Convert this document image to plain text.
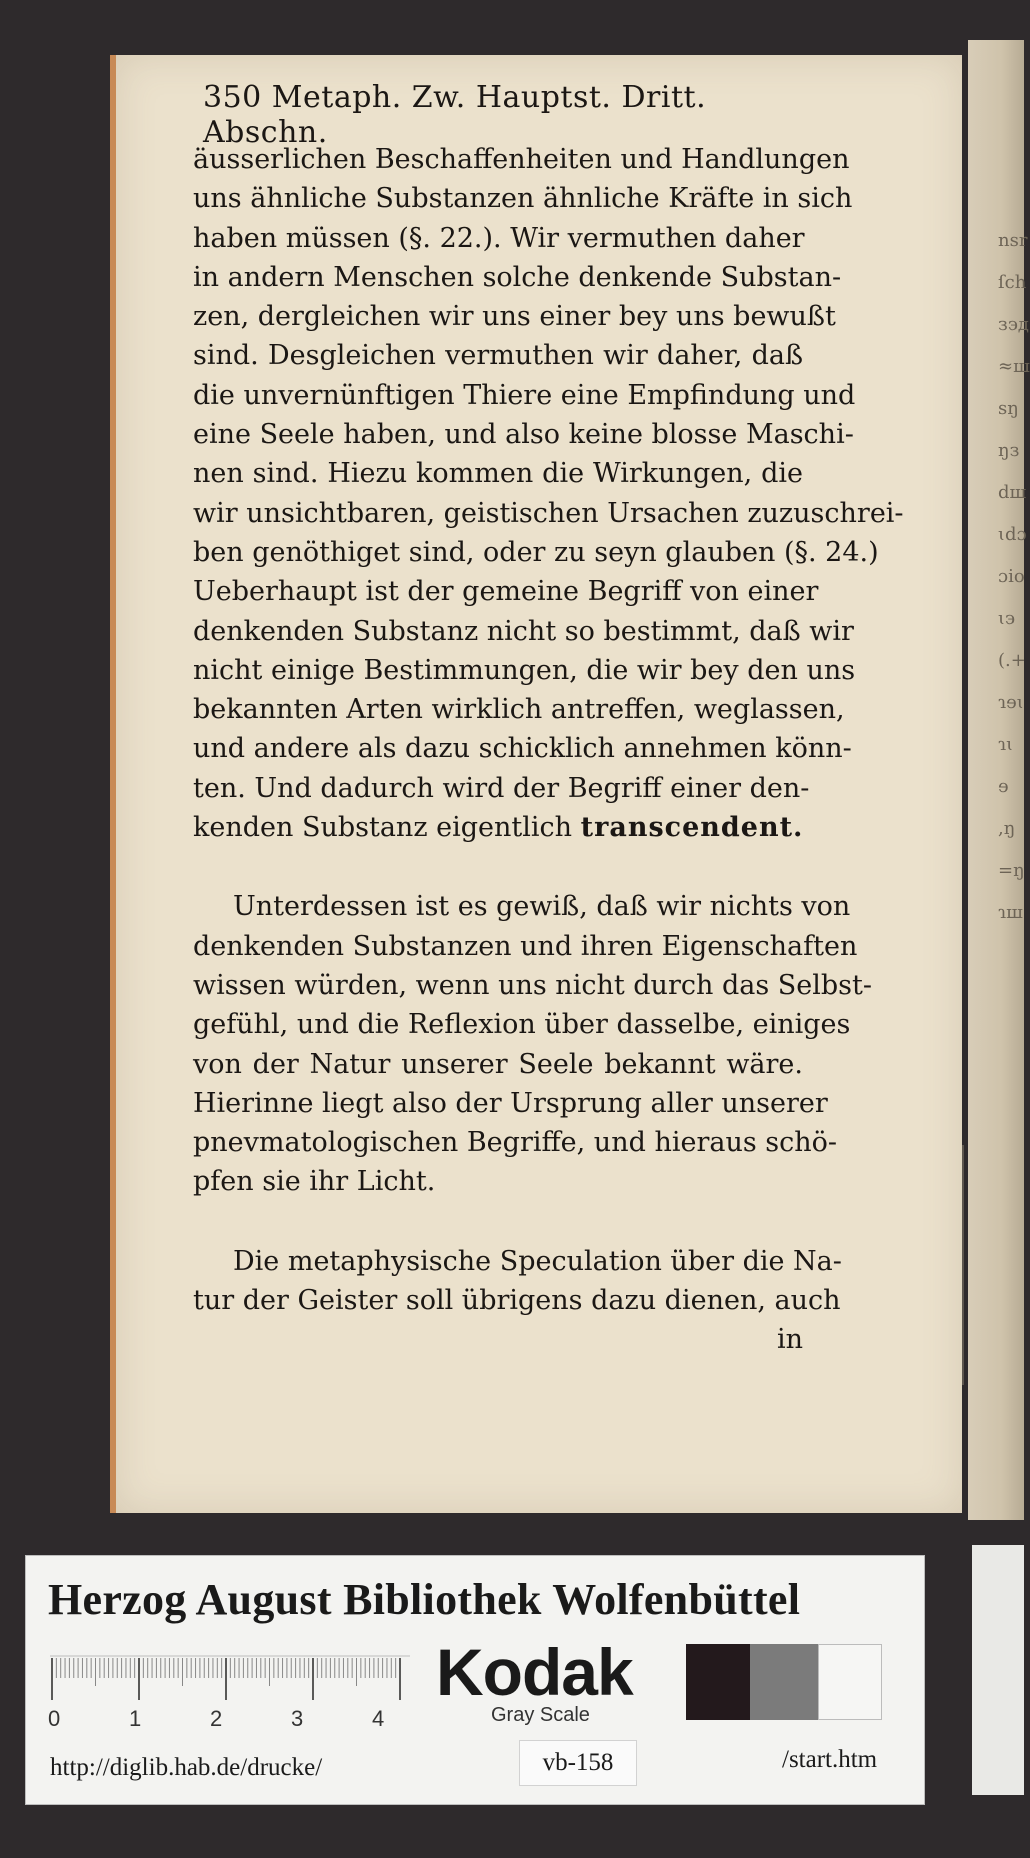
nsr
ſch
зэд
≈ш
ѕŋ
ŋз
dш
ɩdɔ
ɔio
ɩэ
(.+
ɿɘɩ
ɿɩ
ɘ
,ŋ
=ŋ
ɿш
350 Metaph. Zw. Hauptst. Dritt. Abschn.
äusserlichen Beschaffenheiten und Handlungen
uns ähnliche Substanzen ähnliche Kräfte in sich
haben müssen (§. 22.). Wir vermuthen daher
in andern Menschen solche denkende Substan-
zen, dergleichen wir uns einer bey uns bewußt
sind. Desgleichen vermuthen wir daher, daß
die unvernünftigen Thiere eine Empfindung und
eine Seele haben, und also keine blosse Maschi-
nen sind. Hiezu kommen die Wirkungen, die
wir unsichtbaren, geistischen Ursachen zuzuschrei-
ben genöthiget sind, oder zu seyn glauben (§. 24.)
Ueberhaupt ist der gemeine Begriff von einer
denkenden Substanz nicht so bestimmt, daß wir
nicht einige Bestimmungen, die wir bey den uns
bekannten Arten wirklich antreffen, weglassen,
und andere als dazu schicklich annehmen könn-
ten. Und dadurch wird der Begriff einer den-
kenden Substanz eigentlich transcendent.
Unterdessen ist es gewiß, daß wir nichts von
denkenden Substanzen und ihren Eigenschaften
wissen würden, wenn uns nicht durch das Selbst-
gefühl, und die Reflexion über dasselbe, einiges
von der Natur unserer Seele bekannt wäre.
Hierinne liegt also der Ursprung aller unserer
pnevmatologischen Begriffe, und hieraus schö-
pfen sie ihr Licht.
Die metaphysische Speculation über die Na-
tur der Geister soll übrigens dazu dienen, auch
in
Herzog August Bibliothek Wolfenbüttel
0	1	2	3	4
Kodak
Gray Scale
http://diglib.hab.de/drucke/	vb-158	/start.htm
